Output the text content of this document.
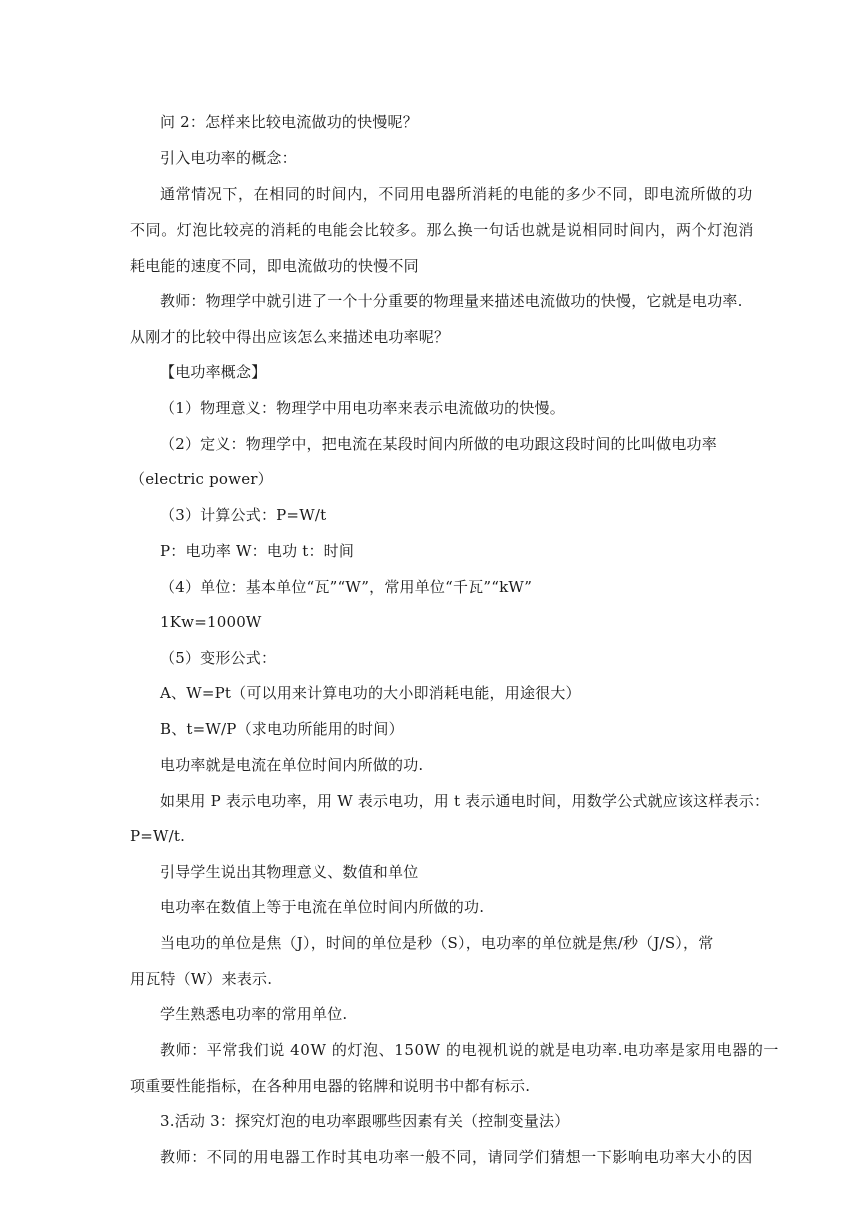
问 2：怎样来比较电流做功的快慢呢？
引入电功率的概念：
通常情况下，在相同的时间内，不同用电器所消耗的电能的多少不同，即电流所做的功
不同。灯泡比较亮的消耗的电能会比较多。那么换一句话也就是说相同时间内，两个灯泡消
耗电能的速度不同，即电流做功的快慢不同
教师：物理学中就引进了一个十分重要的物理量来描述电流做功的快慢，它就是电功率.
从刚才的比较中得出应该怎么来描述电功率呢？
【电功率概念】
（1）物理意义：物理学中用电功率来表示电流做功的快慢。
（2）定义：物理学中，把电流在某段时间内所做的电功跟这段时间的比叫做电功率
（electric power）
（3）计算公式：P=W/t
P：电功率 W：电功 t：时间
（4）单位：基本单位“瓦”“W”，常用单位“千瓦”“kW”
1Kw=1000W
（5）变形公式：
A、W=Pt（可以用来计算电功的大小即消耗电能，用途很大）
B、t=W/P（求电功所能用的时间）
电功率就是电流在单位时间内所做的功.
如果用 P 表示电功率，用 W 表示电功，用 t 表示通电时间，用数学公式就应该这样表示：
P=W/t.
引导学生说出其物理意义、数值和单位
电功率在数值上等于电流在单位时间内所做的功.
当电功的单位是焦（J），时间的单位是秒（S），电功率的单位就是焦/秒（J/S），常
用瓦特（W）来表示.
学生熟悉电功率的常用单位.
教师：平常我们说 40W 的灯泡、150W 的电视机说的就是电功率.电功率是家用电器的一
项重要性能指标，在各种用电器的铭牌和说明书中都有标示.
3.活动 3：探究灯泡的电功率跟哪些因素有关（控制变量法）
教师：不同的用电器工作时其电功率一般不同，请同学们猜想一下影响电功率大小的因
